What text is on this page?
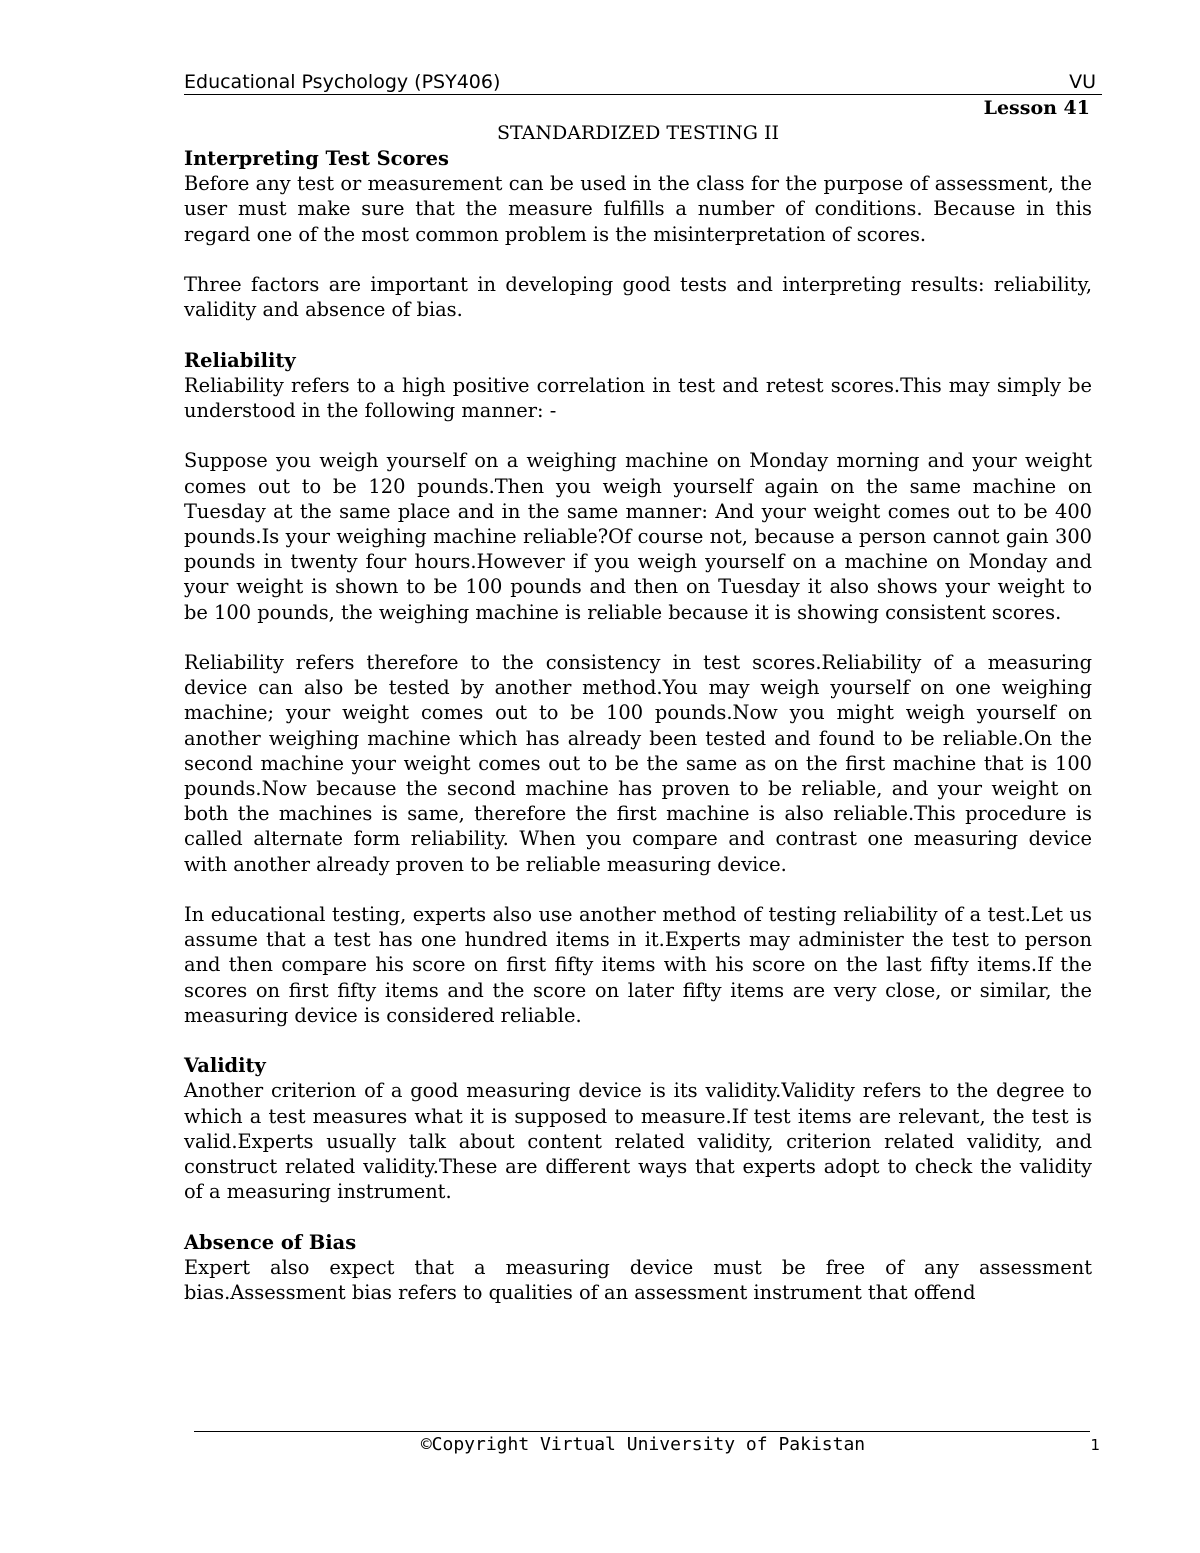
Educational Psychology (PSY406)	VU
Lesson 41
STANDARDIZED TESTING II
Interpreting Test Scores

Before any test or measurement can be used in the class for the purpose of assessment, the user must make sure that the measure fulfills a number of conditions. Because in this regard one of the most common problem is the misinterpretation of scores.

Three factors are important in developing good tests and interpreting results: reliability, validity and absence of bias.

Reliability

Reliability refers to a high positive correlation in test and retest scores.This may simply be understood in the following manner: -

Suppose you weigh yourself on a weighing machine on Monday morning and your weight comes out to be 120 pounds.Then you weigh yourself again on the same machine on Tuesday at the same place and in the same manner: And your weight comes out to be 400 pounds.Is your weighing machine reliable?Of course not, because a person cannot gain 300 pounds in twenty four hours.However if you weigh yourself on a machine on Monday and your weight is shown to be 100 pounds and then on Tuesday it also shows your weight to be 100 pounds, the weighing machine is reliable because it is showing consistent scores.

Reliability refers therefore to the consistency in test scores.Reliability of a measuring device can also be tested by another method.You may weigh yourself on one weighing machine; your weight comes out to be 100 pounds.Now you might weigh yourself on another weighing machine which has already been tested and found to be reliable.On the second machine your weight comes out to be the same as on the first machine that is 100 pounds.Now because the second machine has proven to be reliable, and your weight on both the machines is same, therefore the first machine is also reliable.This procedure is called alternate form reliability. When you compare and contrast one measuring device with another already proven to be reliable measuring device.

In educational testing, experts also use another method of testing reliability of a test.Let us assume that a test has one hundred items in it.Experts may administer the test to person and then compare his score on first fifty items with his score on the last fifty items.If the scores on first fifty items and the score on later fifty items are very close, or similar, the measuring device is considered reliable.

Validity

Another criterion of a good measuring device is its validity.Validity refers to the degree to which a test measures what it is supposed to measure.If test items are relevant, the test is valid.Experts usually talk about content related validity, criterion related validity, and construct related validity.These are different ways that experts adopt to check the validity of a measuring instrument.

Absence of Bias

Expert also expect that a measuring device must be free of any assessment bias.Assessment bias refers to qualities of an assessment instrument that offend

©Copyright Virtual University of Pakistan	1
